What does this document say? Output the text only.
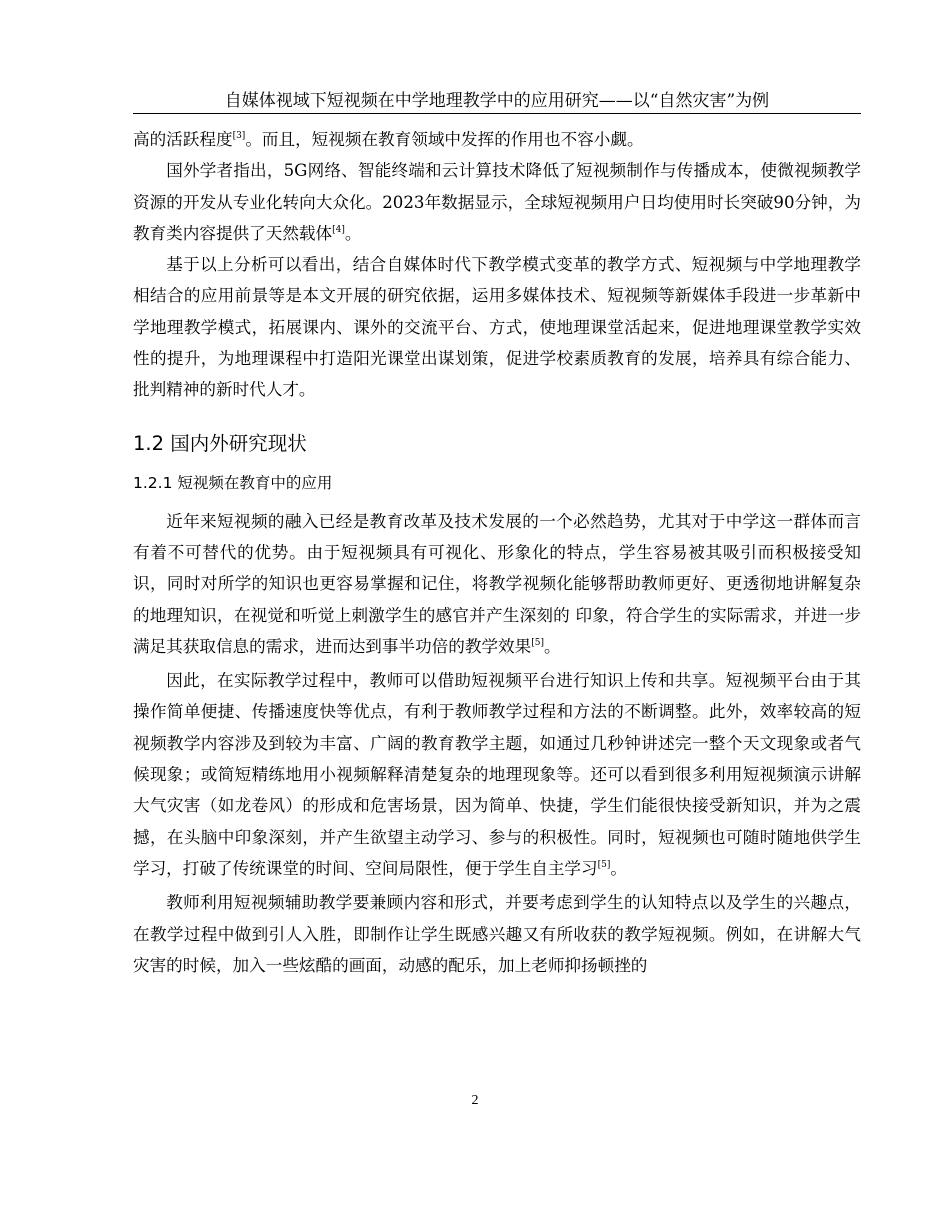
自媒体视域下短视频在中学地理教学中的应用研究——以“自然灾害”为例

高的活跃程度[3]。而且，短视频在教育领域中发挥的作用也不容小觑。

国外学者指出，5G网络、智能终端和云计算技术降低了短视频制作与传播成本，使微视频教学资源的开发从专业化转向大众化。2023年数据显示，全球短视频用户日均使用时长突破90分钟，为教育类内容提供了天然载体[4]。

基于以上分析可以看出，结合自媒体时代下教学模式变革的教学方式、短视频与中学地理教学相结合的应用前景等是本文开展的研究依据，运用多媒体技术、短视频等新媒体手段进一步革新中学地理教学模式，拓展课内、课外的交流平台、方式，使地理课堂活起来，促进地理课堂教学实效性的提升，为地理课程中打造阳光课堂出谋划策，促进学校素质教育的发展，培养具有综合能力、批判精神的新时代人才。

1.2 国内外研究现状
1.2.1 短视频在教育中的应用

近年来短视频的融入已经是教育改革及技术发展的一个必然趋势，尤其对于中学这一群体而言有着不可替代的优势。由于短视频具有可视化、形象化的特点，学生容易被其吸引而积极接受知识，同时对所学的知识也更容易掌握和记住，将教学视频化能够帮助教师更好、更透彻地讲解复杂的地理知识，在视觉和听觉上刺激学生的感官并产生深刻的 印象，符合学生的实际需求，并进一步满足其获取信息的需求，进而达到事半功倍的教学效果[5]。

因此，在实际教学过程中，教师可以借助短视频平台进行知识上传和共享。短视频平台由于其操作简单便捷、传播速度快等优点，有利于教师教学过程和方法的不断调整。此外，效率较高的短视频教学内容涉及到较为丰富、广阔的教育教学主题，如通过几秒钟讲述完一整个天文现象或者气候现象；或简短精练地用小视频解释清楚复杂的地理现象等。还可以看到很多利用短视频演示讲解大气灾害（如龙卷风）的形成和危害场景，因为简单、快捷，学生们能很快接受新知识，并为之震撼，在头脑中印象深刻，并产生欲望主动学习、参与的积极性。同时，短视频也可随时随地供学生学习，打破了传统课堂的时间、空间局限性，便于学生自主学习[5]。

教师利用短视频辅助教学要兼顾内容和形式，并要考虑到学生的认知特点以及学生的兴趣点，在教学过程中做到引人入胜，即制作让学生既感兴趣又有所收获的教学短视频。例如，在讲解大气灾害的时候，加入一些炫酷的画面，动感的配乐，加上老师抑扬顿挫的

2
